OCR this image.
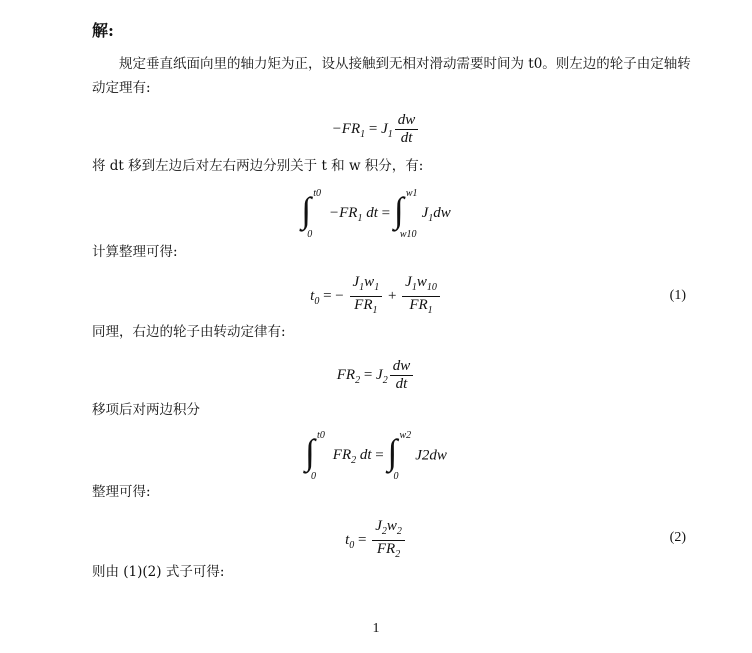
解:
规定垂直纸面向里的轴力矩为正，设从接触到无相对滑动需要时间为 t0。则左边的轮子由定轴转动定理有:
$-FR_1 = J_1 \frac{dw}{dt}$
将 dt 移到左边后对左右两边分别关于 t 和 w 积分，有:
∫ t0
0
$-FR_1$ dt = ∫ w1
w10
$J_1dw$
计算整理可得:
$t_0$ = − $\frac{J_1w_1}{FR_1} + \frac{J_1w_{10}}{FR_1}$	(1)
同理，右边的轮子由转动定律有:
$FR_2 = J_2 \frac{dw}{dt}$
移项后对两边积分
∫ t0
0
$FR_2$ dt = ∫ w2
0
J2dw
整理可得:
$t_0 = \frac{J_2w_2}{FR_2}$	(2)
则由 (1)(2) 式子可得:
1
